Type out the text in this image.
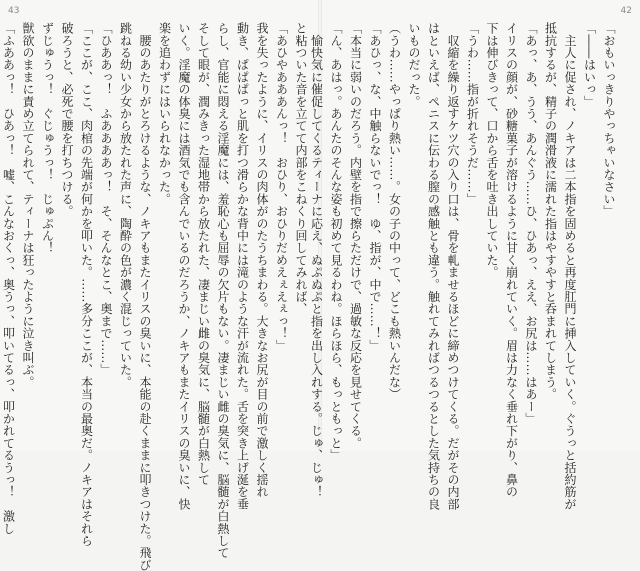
43
と粘ついた音を立てて内部をこねくり回してみれば、
「あひやあああんっ！　おひり、おひりだめえぇえぇっ！」
我を失ったように、イリスの肉体がのたうちまわる。大きなお尻が目の前で激しく揺れ
動き、ぱぱぱっと肌を打つ滑らかな背中には滝のような汗が流れた。舌を突き上げ涎を垂
らし、官能に悶える淫魔には、羞恥心も屈辱の欠片もない。凄まじい雌の臭気に、脳髄が白熱して
そして眼が、潤みきった湿地帯から放たれた、凄まじい雌の臭気に、脳髄が白熱して
いく。淫魔の体臭には酒気でも含んでいるのだろうか、ノキアもまたイリスの臭いに、快
楽を追わずにはいられなかった。
　腰のあたりがとろけるような、ノキアもまたイリスの臭いに、本能の赴くままに叩きつけた。飛び
跳ねる幼い少女から放たれた声に、陶酔の色が濃く混じっていた。
「ひああっ！　ふああああっ！　そ、そんなとこ、奥まで……」
「ここが、ここ、肉棺の先端が何かを叩いた。……多分ここが、本当の最奥だ。ノキアはそれら
破ろうと、必死で腰を打ちつける。
ずじゅうっ！　ぐじゅうっ！　じゅぷん！
獣欲のままに責め立てられて、ティーナは狂ったように泣き叫ぶ。
「ふああっ！　ひあっ！　嘘、こんなおくっ、奥うっ、叩いてるっ、叩かれてるうっ！　激し
42
「おもいっきりやっちゃいなさい」
「――はいっ」
　主人に促され、ノキアは二本指を固めると再度肛門に挿入していく。ぐうっと括約筋が
抵抗するが、精子の潤滑液に濡れた指はやすやすと呑まれてしまう。
「あっ、あ、うう、あんぐう……ひ、ひあっ、ええ、お尻は……はあー」
イリスの顔が、砂糖菓子が溶けるように甘く崩れていく。眉は力なく垂れ下がり、鼻の
下は伸びきって、口から舌を吐き出していた。
「うわ……指が折れそうだ……」
　収縮を繰り返すケツ穴の入り口は、骨を軋ませるほどに締めつけてくる。だがその内部
はといえば、ペニスに伝わる膣の感触とも違う。触れてみればつるつるとした気持ちの良
いものだった。
（うわ……やっぱり熱い……。女の子の中って、どこも熱いんだな）
「あひっ、な、中触らないでっ！　ゆ、指が、中で……！」
「本当に弱いのだろう。内壁を指で擦らただけで、過敏な反応を見せてくる。
「ん、あはっ。あんたのそんな姿も初めて見るわね。ほらほら、もっともっと」
　愉快気に催促してくるティーナに応え、ぬぷぬぷと指を出し入れする。じゅ、じゅ！
